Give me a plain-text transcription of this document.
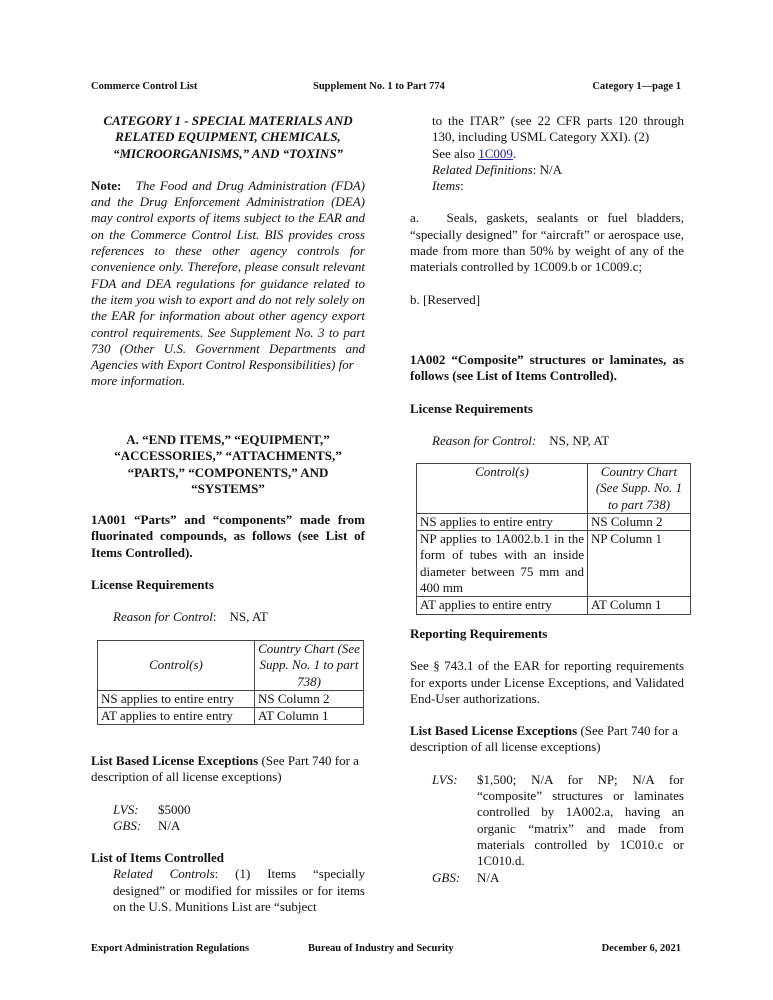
Commerce Control List	Supplement No. 1 to Part 774	Category 1—page 1
CATEGORY 1 - SPECIAL MATERIALS AND
RELATED EQUIPMENT, CHEMICALS,
“MICROORGANISMS,” AND “TOXINS”

Note: The Food and Drug Administration (FDA) and the Drug Enforcement Administration (DEA) may control exports of items subject to the EAR and on the Commerce Control List. BIS provides cross references to these other agency controls for convenience only. Therefore, please consult relevant FDA and DEA regulations for guidance related to the item you wish to export and do not rely solely on the EAR for information about other agency export control requirements. See Supplement No. 3 to part 730 (Other U.S. Government Departments and Agencies with Export Control Responsibilities) for

more information.

A. “END ITEMS,” “EQUIPMENT,”
“ACCESSORIES,” “ATTACHMENTS,”
“PARTS,” “COMPONENTS,” AND
“SYSTEMS”

1A001 “Parts” and “components” made from fluorinated compounds, as follows (see List of Items Controlled).

License Requirements

Reason for Control:    NS, AT

Control(s)	Country Chart (See Supp. No. 1 to part 738)
NS applies to entire entry	NS Column 2
AT applies to entire entry	AT Column 1

List Based License Exceptions (See Part 740 for a description of all license exceptions)

LVS:	$5000
GBS:	N/A

List of Items Controlled

Related Controls: (1) Items “specially designed” or modified for missiles or for items on the U.S. Munitions List are “subject

to the ITAR” (see 22 CFR parts 120 through 130, including USML Category XXI). (2)

See also 1C009.

Related Definitions: N/A

Items:

a.   Seals, gaskets, sealants or fuel bladders, “specially designed” for “aircraft” or aerospace use, made from more than 50% by weight of any of the materials controlled by 1C009.b or 1C009.c;

b. [Reserved]

1A002 “Composite” structures or laminates, as follows (see List of Items Controlled).

License Requirements

Reason for Control: NS, NP, AT

Control(s)	Country Chart (See Supp. No. 1 to part 738)
NS applies to entire entry	NS Column 2
NP applies to 1A002.b.1 in the form of tubes with an inside diameter between 75 mm and 400 mm	NP Column 1
AT applies to entire entry	AT Column 1

Reporting Requirements

See § 743.1 of the EAR for reporting requirements for exports under License Exceptions, and Validated End-User authorizations.

List Based License Exceptions (See Part 740 for a description of all license exceptions)

LVS:	$1,500; N/A for NP; N/A for “composite” structures or laminates controlled by 1A002.a, having an organic “matrix” and made from materials controlled by 1C010.c or 1C010.d.
GBS:	N/A
Export Administration Regulations	Bureau of Industry and Security	December 6, 2021
